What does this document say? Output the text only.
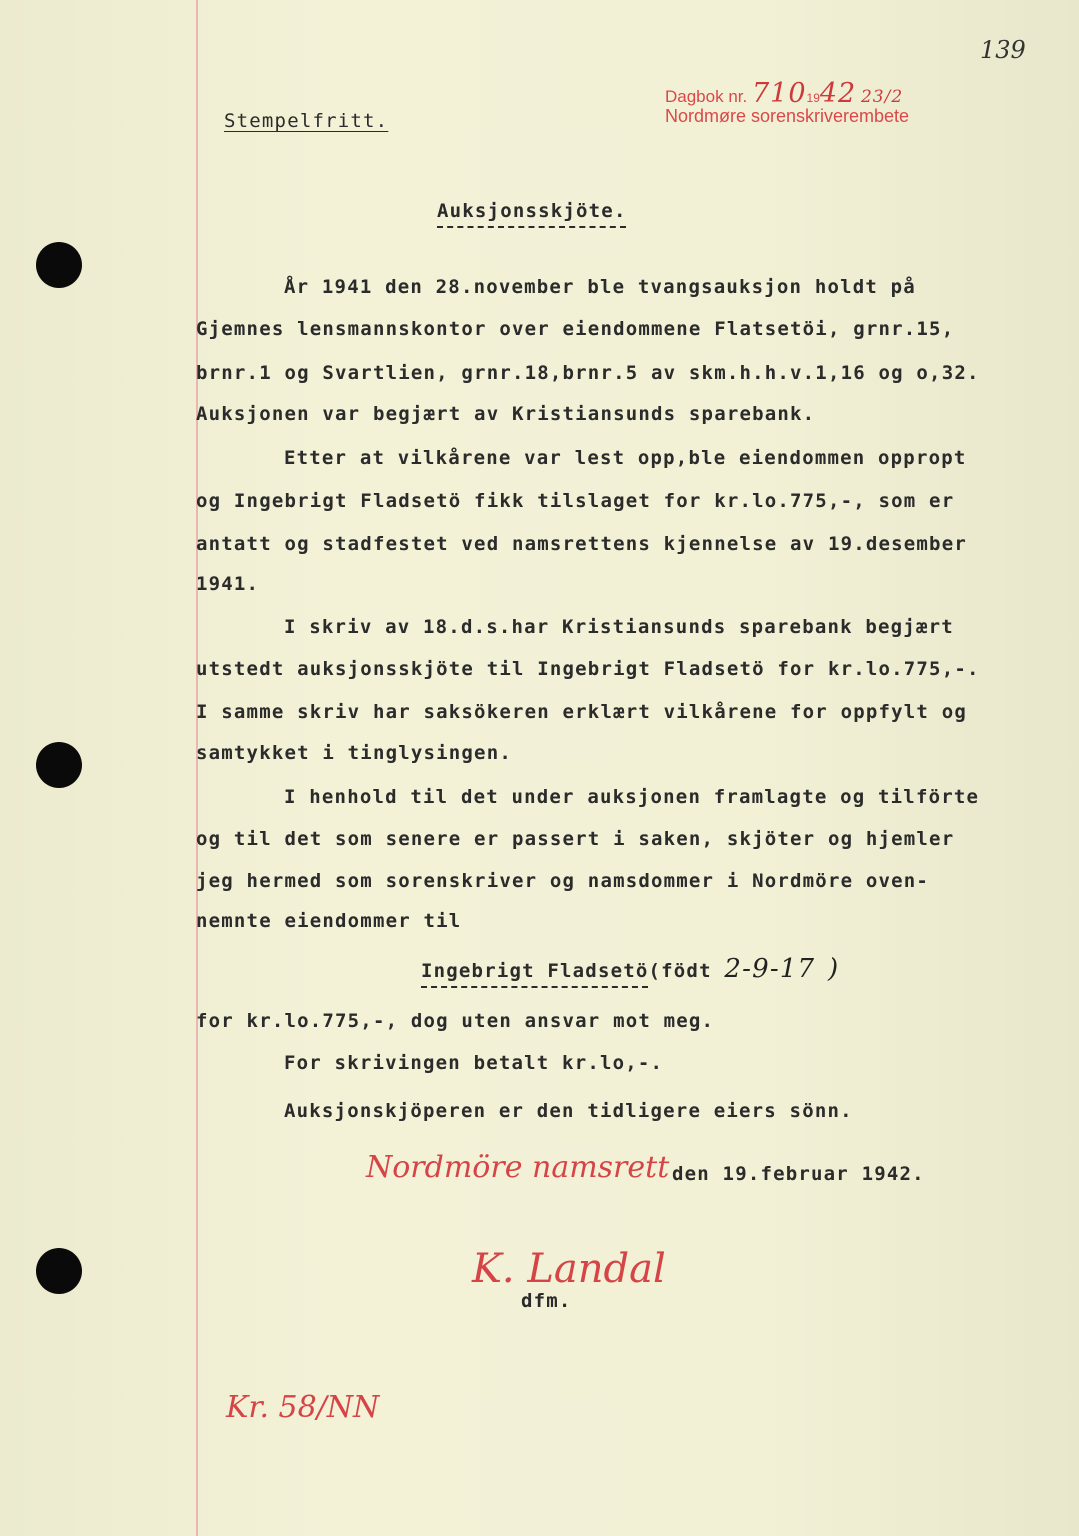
139
Dagbok nr. 7101942 23/2
Nordmøre sorenskriverembete
Stempelfritt.
Auksjonsskjöte.
År 1941 den 28.november ble tvangsauksjon holdt på
Gjemnes lensmannskontor over eiendommene Flatsetöi, grnr.15,
brnr.1 og Svartlien, grnr.18,brnr.5 av skm.h.h.v.1,16 og o,32.
Auksjonen var begjært av Kristiansunds sparebank.
Etter at vilkårene var lest opp,ble eiendommen oppropt
og Ingebrigt Fladsetö fikk tilslaget for kr.lo.775,-, som er
antatt og stadfestet ved namsrettens kjennelse av 19.desember
1941.
I skriv av 18.d.s.har Kristiansunds sparebank begjært
utstedt auksjonsskjöte til Ingebrigt Fladsetö for kr.lo.775,-.
I samme skriv har saksökeren erklært vilkårene for oppfylt og
samtykket i tinglysingen.
I henhold til det under auksjonen framlagte og tilförte
og til det som senere er passert i saken, skjöter og hjemler
jeg hermed som sorenskriver og namsdommer i Nordmöre oven-
nemnte eiendommer til
Ingebrigt Fladsetö(födt 2-9-17 )
for kr.lo.775,-, dog uten ansvar mot meg.
For skrivingen betalt kr.lo,-.
Auksjonskjöperen er den tidligere eiers sönn.
Nordmöre namsrett den 19.februar 1942.
K. Landal
dfm.
Kr. 58/NN
